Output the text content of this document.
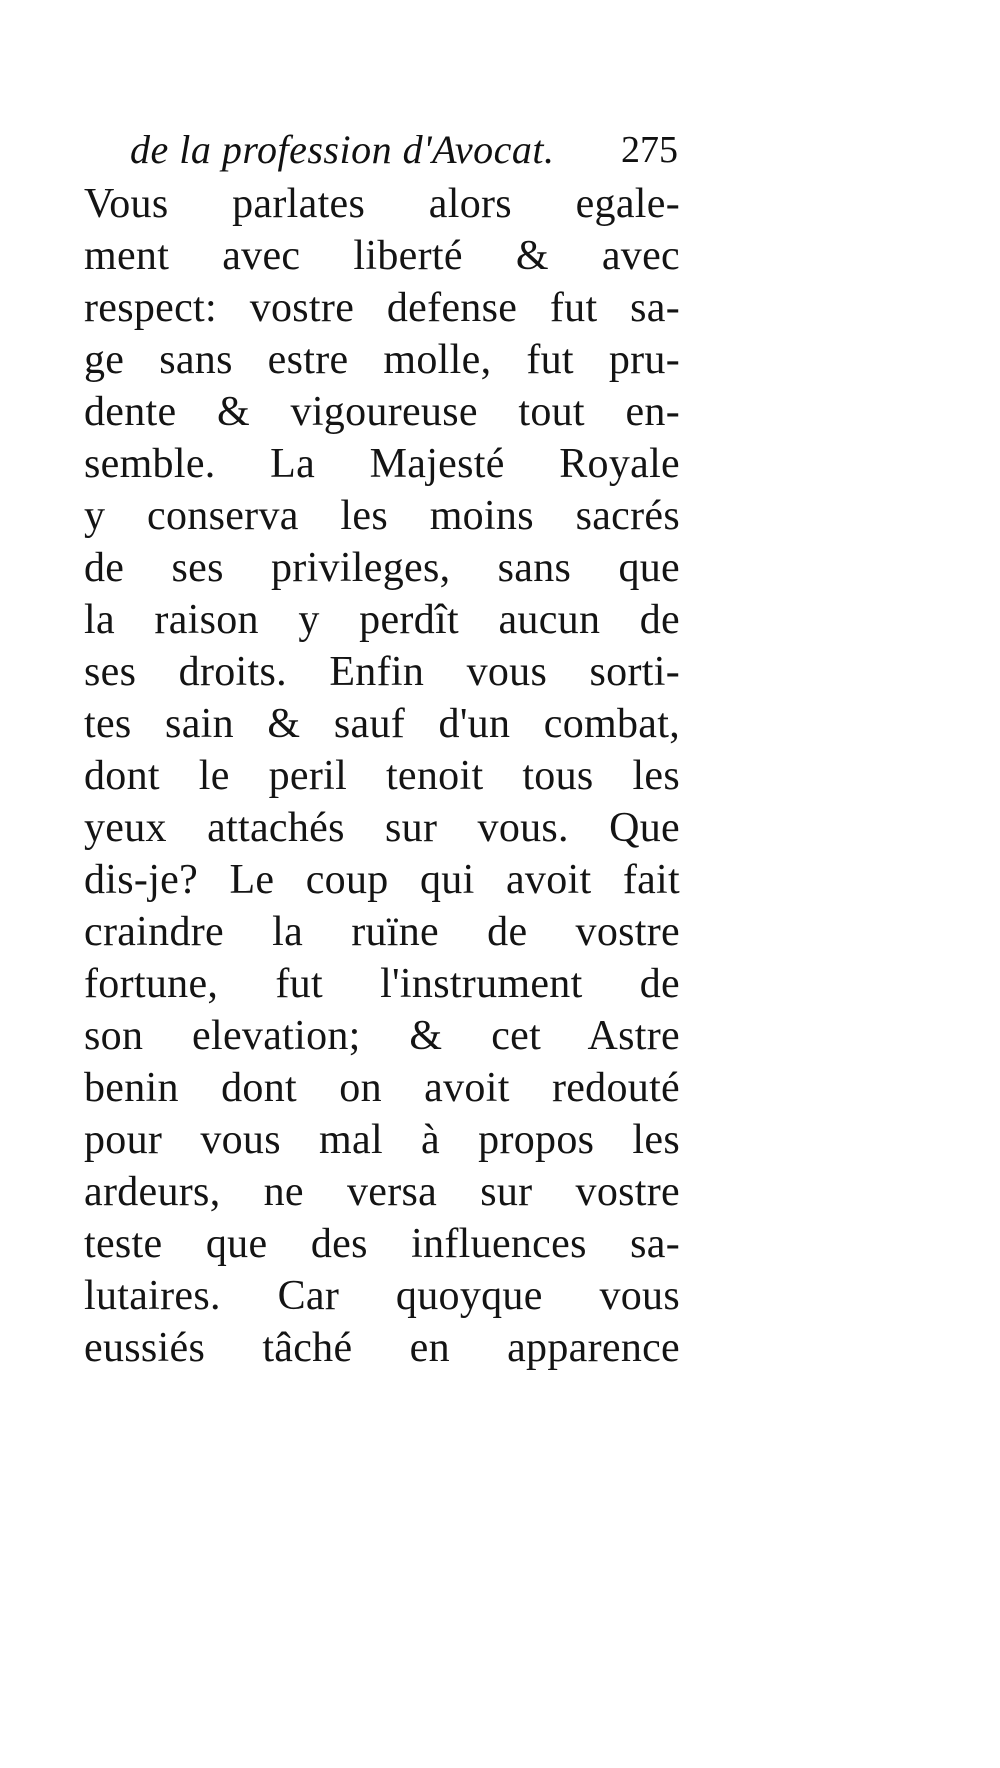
de la profession d'Avocat. 275
Vous parlates alors egale-
ment avec liberté & avec
respect: vostre defense fut sa-
ge sans estre molle, fut pru-
dente & vigoureuse tout en-
semble. La Majesté Royale
y conserva les moins sacrés
de ses privileges, sans que
la raison y perdît aucun de
ses droits. Enfin vous sorti-
tes sain & sauf d'un combat,
dont le peril tenoit tous les
yeux attachés sur vous. Que
dis-je? Le coup qui avoit fait
craindre la ruïne de vostre
fortune, fut l'instrument de
son elevation; & cet Astre
benin dont on avoit redouté
pour vous mal à propos les
ardeurs, ne versa sur vostre
teste que des influences sa-
lutaires. Car quoyque vous
eussiés tâché en apparence
